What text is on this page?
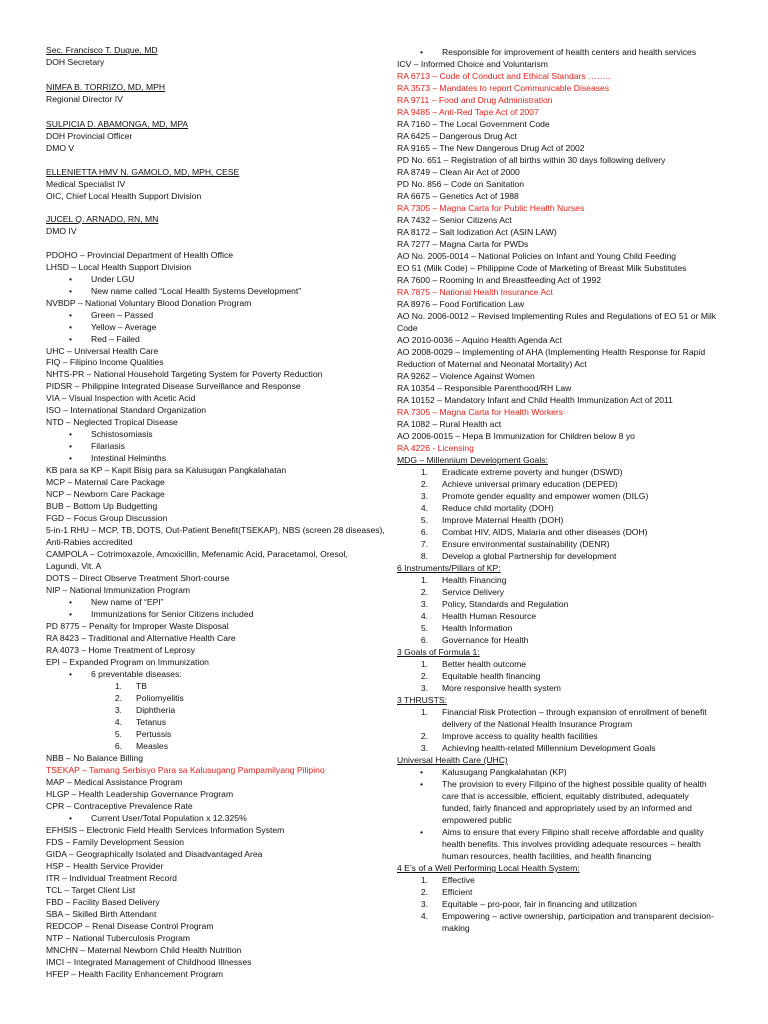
Sec. Francisco T. Duque, MD
DOH Secretary
NIMFA B. TORRIZO, MD, MPH
Regional Director IV
SULPICIA D. ABAMONGA, MD, MPA
DOH Provincial Officer
DMO V
ELLENIETTA HMV N. GAMOLO, MD, MPH, CESE
Medical Specialist IV
OIC, Chief Local Health Support Division
JUCEL Q. ARNADO, RN, MN
DMO IV
PDOHO – Provincial Department of Health Office
LHSD – Local Health Support Division
• Under LGU
• New name called “Local Health Systems Development”
NVBDP – National Voluntary Blood Donation Program
• Green – Passed
• Yellow – Average
• Red – Failed
UHC – Universal Health Care
FIQ – Filipino Income Qualities
NHTS-PR – National Household Targeting System for Poverty Reduction
PIDSR – Philippine Integrated Disease Surveillance and Response
VIA – Visual Inspection with Acetic Acid
ISO – International Standard Organization
NTD – Neglected Tropical Disease
• Schistosomiasis
• Filariasis
• Intestinal Helminths
KB para sa KP – Kapit Bisig para sa Kalusugan Pangkalahatan
MCP – Maternal Care Package
NCP – Newborn Care Package
BUB – Bottom Up Budgetting
FGD – Focus Group Discussion
5-in-1 RHU – MCP, TB, DOTS, Out-Patient Benefit(TSEKAP), NBS (screen 28 diseases),
Anti-Rabies accredited
CAMPOLA – Cotrimoxazole, Amoxicillin, Mefenamic Acid, Paracetamol, Oresol,
Lagundi, Vit. A
DOTS – Direct Observe Treatment Short-course
NIP – National Immunization Program
• New name of “EPI”
• Immunizations for Senior Citizens included
PD 8775 – Penalty for Improper Waste Disposal
RA 8423 – Traditional and Alternative Health Care
RA 4073 – Home Treatment of Leprosy
EPI – Expanded Program on Immunization
• 6 preventable diseases:
1. TB
2. Poliomyelitis
3. Diphtheria
4. Tetanus
5. Pertussis
6. Measles
NBB – No Balance Billing
TSEKAP – Tamang Serbisyo Para sa Kalusugang Pampamilyang Pilipino
MAP – Medical Assistance Program
HLGP – Health Leadership Governance Program
CPR – Contraceptive Prevalence Rate
• Current User/Total Population x 12.325%
EFHSIS – Electronic Field Health Services Information System
FDS – Family Development Session
GIDA – Geographically Isolated and Disadvantaged Area
HSP – Health Service Provider
ITR – Individual Treatment Record
TCL – Target Client List
FBD – Facility Based Delivery
SBA – Skilled Birth Attendant
REDCOP – Renal Disease Control Program
NTP – National Tuberculosis Program
MNCHN – Maternal Newborn Child Health Nutrition
IMCI – Integrated Management of Childhood Illnesses
HFEP – Health Facility Enhancement Program
• Responsible for improvement of health centers and health services
ICV – Informed Choice and Voluntarism
RA 6713 – Code of Conduct and Ethical Standars ……..
RA 3573 – Mandates to report Communicable Diseases
RA 9711 – Food and Drug Administration
RA 9485 – Anti-Red Tape Act of 2007
RA 7160 – The Local Government Code
RA 6425 – Dangerous Drug Act
RA 9165 – The New Dangerous Drug Act of 2002
PD No. 651 – Registration of all births within 30 days following delivery
RA 8749 – Clean Air Act of 2000
PD No. 856 – Code on Sanitation
RA 6675 – Genetics Act of 1988
RA 7305 – Magna Carta for Public Health Nurses
RA 7432 – Senior Citizens Act
RA 8172 – Salt Iodization Act (ASIN LAW)
RA 7277 – Magna Carta for PWDs
AO No. 2005-0014 – National Policies on Infant and Young Child Feeding
EO 51 (Milk Code) – Philippine Code of Marketing of Breast Milk Substitutes
RA 7600 – Rooming In and Breastfeeding Act of 1992
RA 7875 – National Health Insurance Act
RA 8976 – Food Fortification Law
AO No. 2006-0012 – Revised Implementing Rules and Regulations of EO 51 or Milk
Code
AO 2010-0036 – Aquino Health Agenda Act
AO 2008-0029 – Implementing of AHA (Implementing Health Response for Rapid
Reduction of Maternal and Neonatal Mortality) Act
RA 9262 – Violence Against Women
RA 10354 – Responsible Parenthood/RH Law
RA 10152 – Mandatory Infant and Child Health Immunization Act of 2011
RA 7305 – Magna Carta for Health Workers
RA 1082 – Rural Health act
AO 2006-0015 – Hepa B Immunization for Children below 8 yo
RA 4226 - Licensing
MDG – Millennium Development Goals:
1. Eradicate extreme poverty and hunger (DSWD)
2. Achieve universal primary education (DEPED)
3. Promote gender equality and empower women (DILG)
4. Reduce child mortality (DOH)
5. Improve Maternal Health (DOH)
6. Combat HIV, AIDS, Malaria and other diseases (DOH)
7. Ensure environmental sustainability (DENR)
8. Develop a global Partnership for development
6 Instruments/Pillars of KP:
1. Health Financing
2. Service Delivery
3. Policy, Standards and Regulation
4. Health Human Resource
5. Health Information
6. Governance for Health
3 Goals of Formula 1:
1. Better health outcome
2. Equitable health financing
3. More responsive health system
3 THRUSTS:
1. Financial Risk Protection – through expansion of enrollment of benefit
delivery of the National Health Insurance Program
2. Improve access to quality health facilities
3. Achieving health-related Millennium Development Goals
Universal Health Care (UHC)
• Kalusugang Pangkalahatan (KP)
• The provision to every Filipino of the highest possible quality of health
care that is accessible, efficient, equitably distributed, adequately
funded, fairly financed and appropriately used by an informed and
empowered public
• Aims to ensure that every Filipino shall receive affordable and quality
health benefits. This involves providing adequate resources – health
human resources, health facilities, and health financing
4 E’s of a Well Performing Local Health System:
1. Effective
2. Efficient
3. Equitable – pro-poor, fair in financing and utilization
4. Empowering – active ownership, participation and transparent decision-
making
